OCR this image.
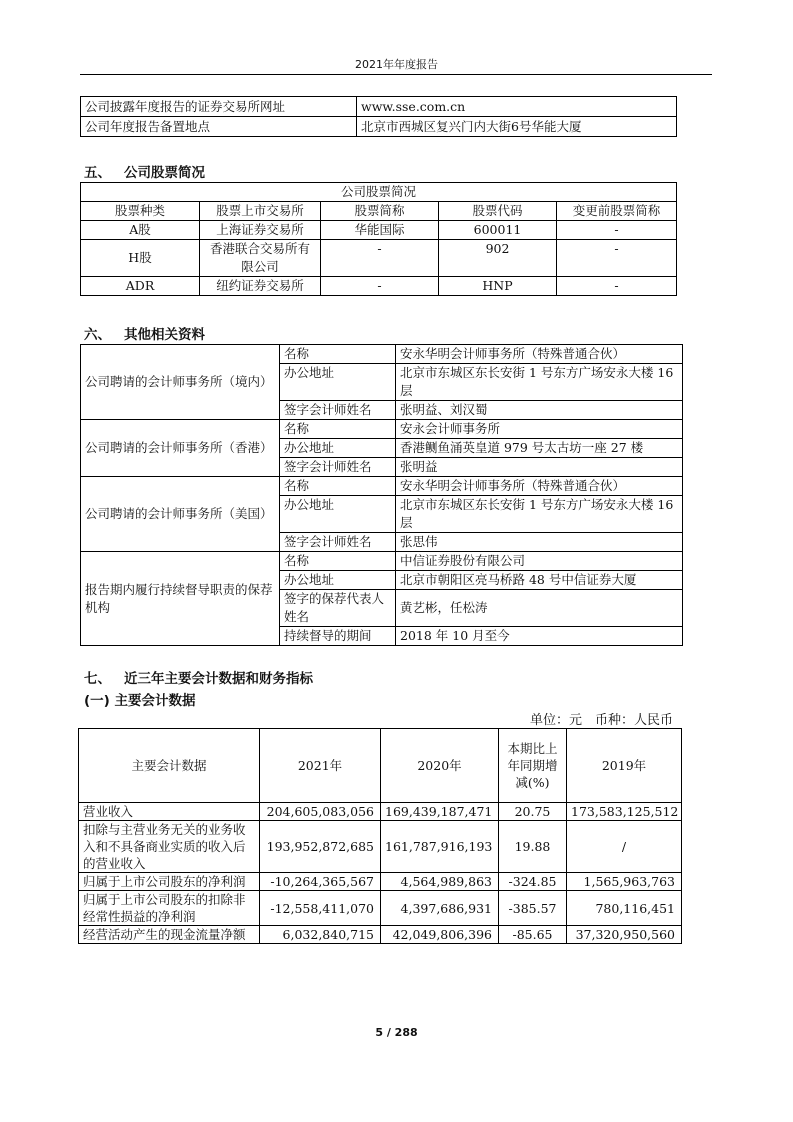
2021年年度报告
公司披露年度报告的证券交易所网址	www.sse.com.cn
公司年度报告备置地点	北京市西城区复兴门内大街6号华能大厦
五、 公司股票简况
公司股票简况				
股票种类	股票上市交易所	股票简称	股票代码	变更前股票简称
A股	上海证券交易所	华能国际	600011	-
H股	香港联合交易所有限公司	-	902	-
ADR	纽约证券交易所	-	HNP	-
六、 其他相关资料
公司聘请的会计师事务所（境内）	名称	安永华明会计师事务所（特殊普通合伙）
	办公地址	北京市东城区东长安街 1 号东方广场安永大楼 16 层
	签字会计师姓名	张明益、刘汉蜀
公司聘请的会计师事务所（香港）	名称	安永会计师事务所
	办公地址	香港鲗鱼涌英皇道 979 号太古坊一座 27 楼
	签字会计师姓名	张明益
公司聘请的会计师事务所（美国）	名称	安永华明会计师事务所（特殊普通合伙）
	办公地址	北京市东城区东长安街 1 号东方广场安永大楼 16 层
	签字会计师姓名	张思伟
报告期内履行持续督导职责的保荐机构	名称	中信证券股份有限公司
	办公地址	北京市朝阳区亮马桥路 48 号中信证券大厦
	签字的保荐代表人姓名	黄艺彬，任松涛
	持续督导的期间	2018 年 10 月至今
七、 近三年主要会计数据和财务指标
(一) 主要会计数据
单位：元　币种：人民币
主要会计数据	2021年	2020年	本期比上年同期增减(%)	2019年
营业收入	204,605,083,056	169,439,187,471	20.75	173,583,125,512
扣除与主营业务无关的业务收入和不具备商业实质的收入后的营业收入	193,952,872,685	161,787,916,193	19.88	/
归属于上市公司股东的净利润	-10,264,365,567	4,564,989,863	-324.85	1,565,963,763
归属于上市公司股东的扣除非经常性损益的净利润	-12,558,411,070	4,397,686,931	-385.57	780,116,451
经营活动产生的现金流量净额	6,032,840,715	42,049,806,396	-85.65	37,320,950,560
5 / 288
